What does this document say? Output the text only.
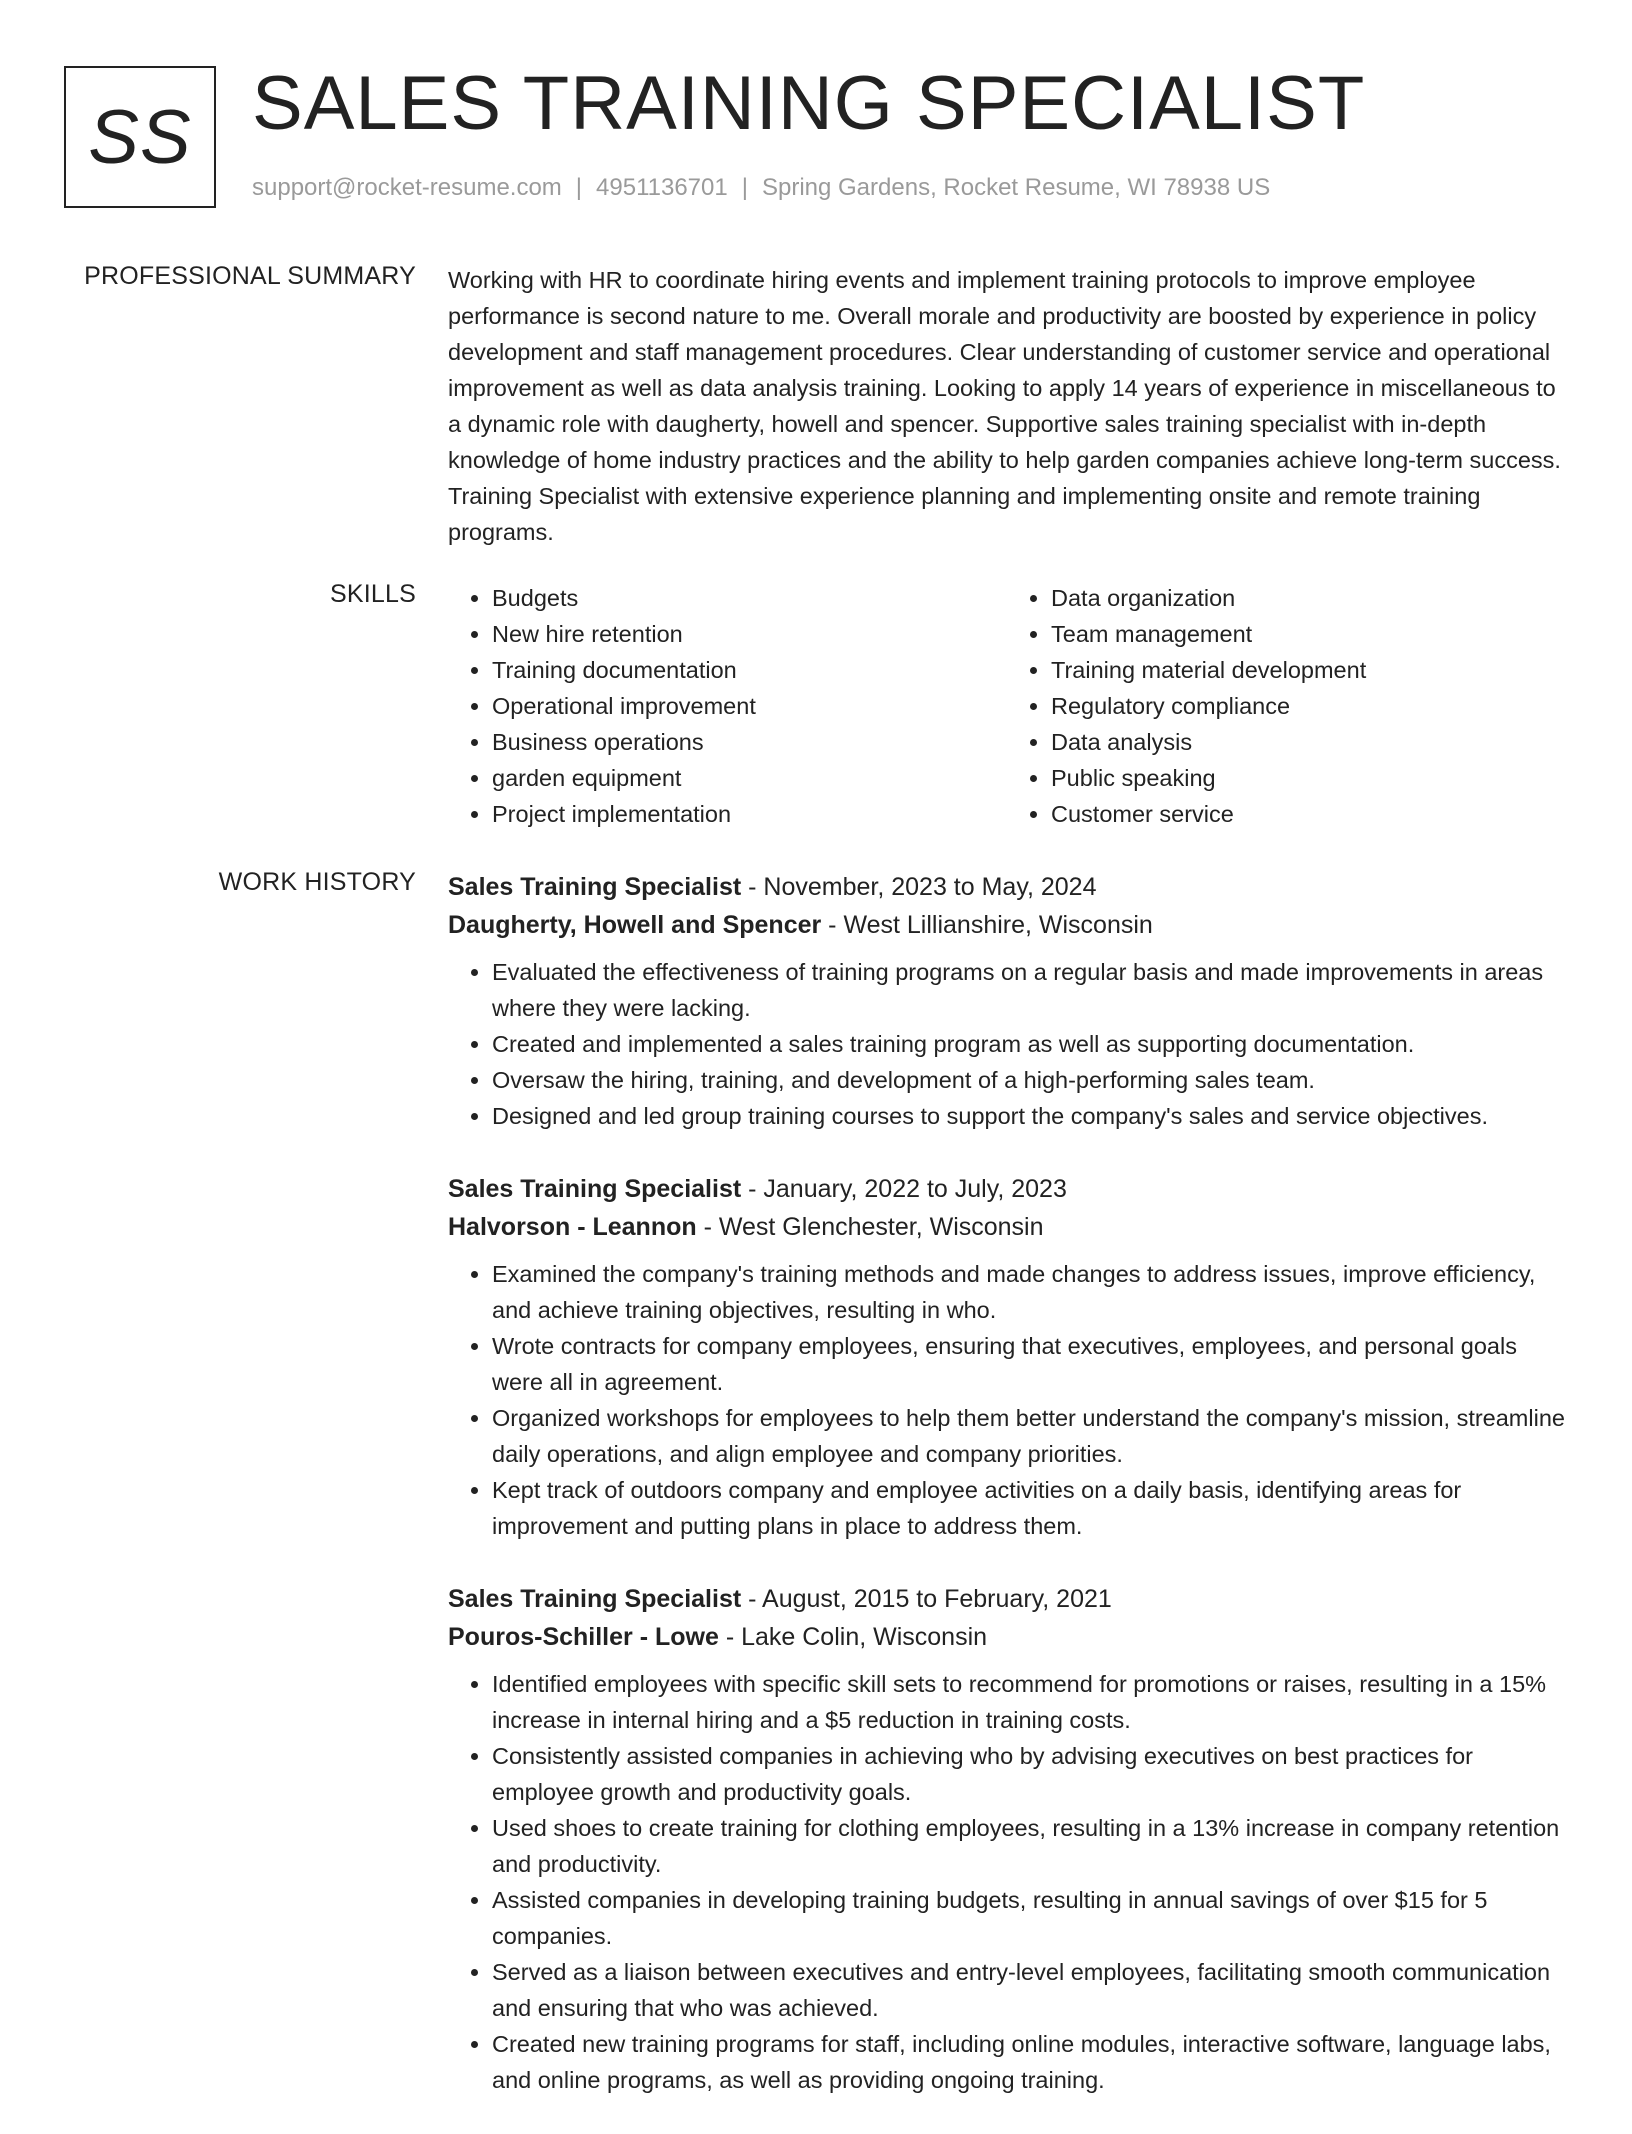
SS SALES TRAINING SPECIALIST
support@rocket-resume.com | 4951136701 | Spring Gardens, Rocket Resume, WI 78938 US
PROFESSIONAL SUMMARY Working with HR to coordinate hiring events and implement training protocols to improve employee performance is second nature to me. Overall morale and productivity are boosted by experience in policy development and staff management procedures. Clear understanding of customer service and operational improvement as well as data analysis training. Looking to apply 14 years of experience in miscellaneous to a dynamic role with daugherty, howell and spencer. Supportive sales training specialist with in-depth knowledge of home industry practices and the ability to help garden companies achieve long-term success. Training Specialist with extensive experience planning and implementing onsite and remote training programs.

SKILLS
•	Budgets
• New hire retention
• Training documentation
• Operational improvement
• Business operations
• garden equipment
• Project implementation
• Data organization
• Team management
• Training material development
• Regulatory compliance
• Data analysis
• Public speaking
• Customer service
WORK HISTORY Sales Training Specialist - November, 2023 to May, 2024
Daugherty, Howell and Spencer - West Lillianshire, Wisconsin
• Evaluated the effectiveness of training programs on a regular basis and made improvements in areas where they were lacking.
• Created and implemented a sales training program as well as supporting documentation.
• Oversaw the hiring, training, and development of a high-performing sales team.
• Designed and led group training courses to support the company's sales and service objectives.
Sales Training Specialist - January, 2022 to July, 2023
Halvorson - Leannon - West Glenchester, Wisconsin
• Examined the company's training methods and made changes to address issues, improve efficiency, and achieve training objectives, resulting in who.
• Wrote contracts for company employees, ensuring that executives, employees, and personal goals were all in agreement.
• Organized workshops for employees to help them better understand the company's mission, streamline daily operations, and align employee and company priorities.
• Kept track of outdoors company and employee activities on a daily basis, identifying areas for improvement and putting plans in place to address them.
Sales Training Specialist - August, 2015 to February, 2021
Pouros-Schiller - Lowe - Lake Colin, Wisconsin
• Identified employees with specific skill sets to recommend for promotions or raises, resulting in a 15% increase in internal hiring and a $5 reduction in training costs.
• Consistently assisted companies in achieving who by advising executives on best practices for employee growth and productivity goals.
• Used shoes to create training for clothing employees, resulting in a 13% increase in company retention and productivity.
• Assisted companies in developing training budgets, resulting in annual savings of over $15 for 5 companies.
• Served as a liaison between executives and entry-level employees, facilitating smooth communication and ensuring that who was achieved.
• Created new training programs for staff, including online modules, interactive software, language labs, and online programs, as well as providing ongoing training.
